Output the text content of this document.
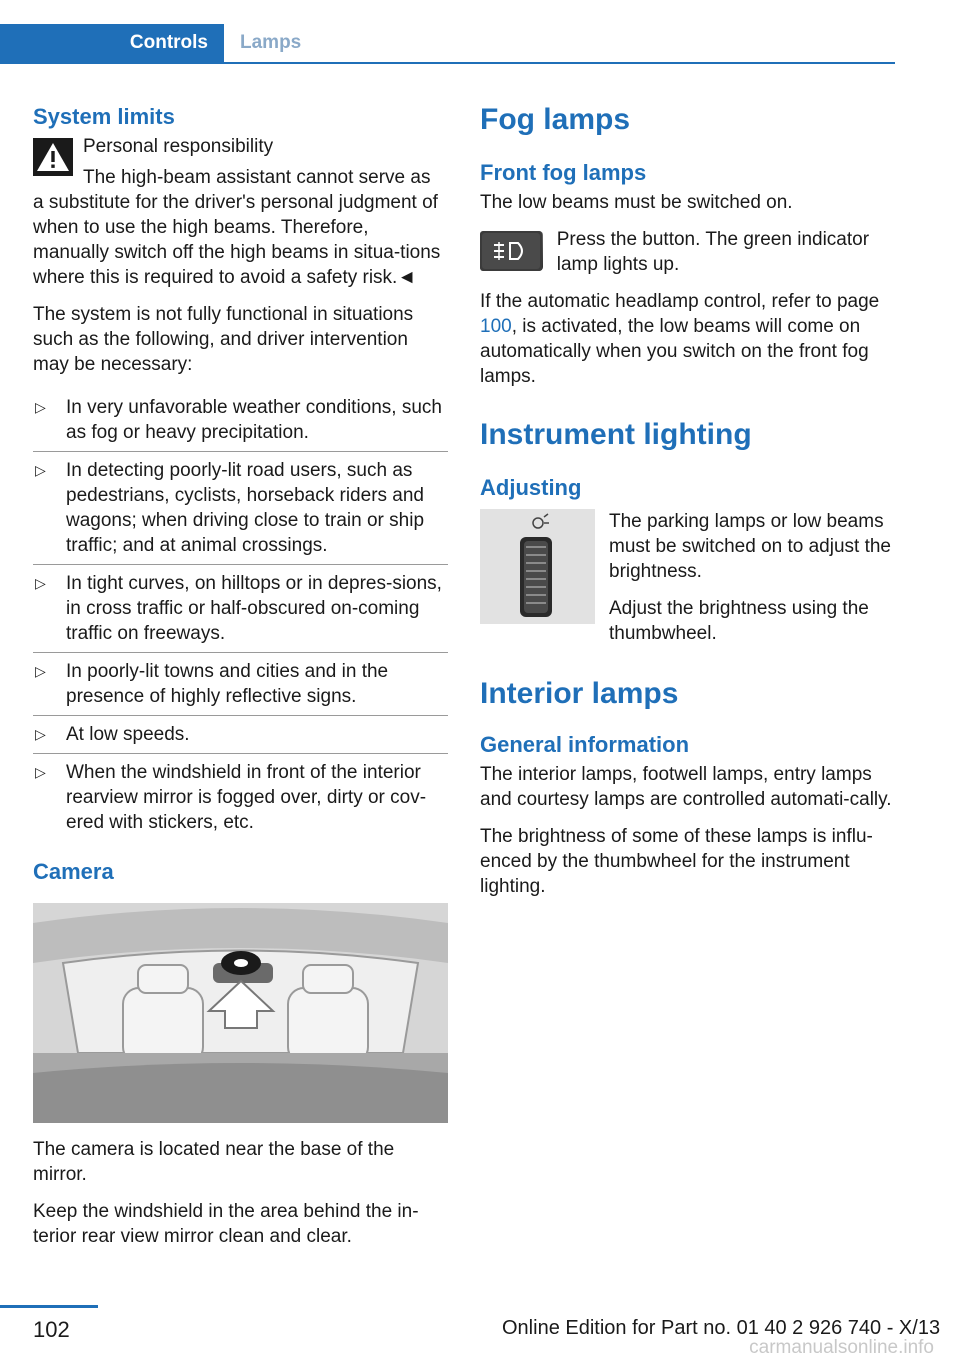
Controls	Lamps
System limits

Personal responsibility

The high-beam assistant cannot serve as

a substitute for the driver's personal judgment of when to use the high beams. Therefore, manually switch off the high beams in situa-tions where this is required to avoid a safety risk.◄

The system is not fully functional in situations such as the following, and driver intervention may be necessary:

▷ In very unfavorable weather conditions, such as fog or heavy precipitation.
▷ In detecting poorly-lit road users, such as pedestrians, cyclists, horseback riders and wagons; when driving close to train or ship traffic; and at animal crossings.
▷ In tight curves, on hilltops or in depres-sions, in cross traffic or half-obscured on-coming traffic on freeways.
▷ In poorly-lit towns and cities and in the presence of highly reflective signs.
▷ At low speeds.
▷ When the windshield in front of the interior rearview mirror is fogged over, dirty or cov-ered with stickers, etc.
Camera

The camera is located near the base of the mirror.

Keep the windshield in the area behind the in-terior rear view mirror clean and clear.

Fog lamps
Front fog lamps

The low beams must be switched on.

Press the button. The green indicator lamp lights up.

If the automatic headlamp control, refer to page 100, is activated, the low beams will come on automatically when you switch on the front fog lamps.

Instrument lighting
Adjusting

The parking lamps or low beams must be switched on to adjust the brightness.

Adjust the brightness using the thumbwheel.

Interior lamps
General information

The interior lamps, footwell lamps, entry lamps and courtesy lamps are controlled automati-cally.

The brightness of some of these lamps is influ-enced by the thumbwheel for the instrument lighting.

102	Online Edition for Part no. 01 40 2 926 740 - X/13
carmanualsonline.info
